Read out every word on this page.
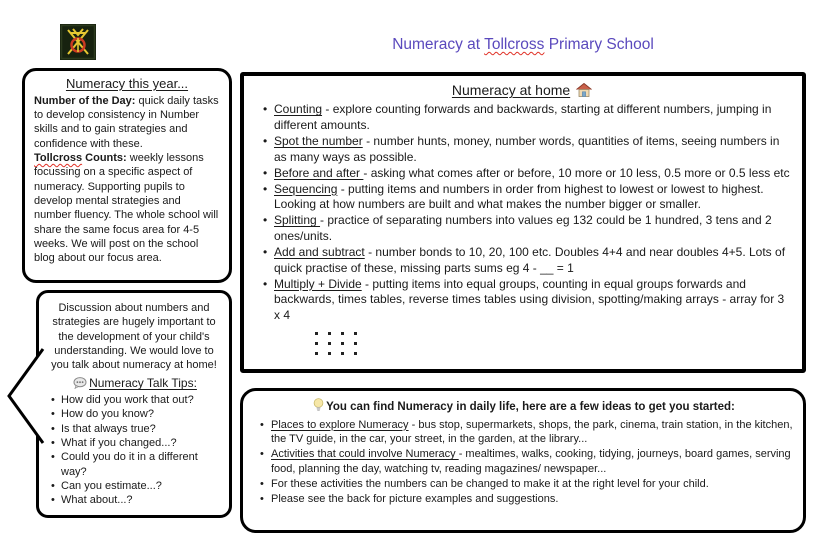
Numeracy at Tollcross Primary School
Numeracy this year...

Number of the Day: quick daily tasks to develop consistency in Number skills and to gain strategies and confidence with these.

Tollcross Counts: weekly lessons focussing on a specific aspect of numeracy. Supporting pupils to develop mental strategies and number fluency. The whole school will share the same focus area for 4-5 weeks. We will post on the school blog about our focus area.

Discussion about numbers and strategies are hugely important to the development of your child's understanding. We would love to you talk about numeracy at home!

Numeracy Talk Tips:
• How did you work that out?
• How do you know?
• Is that always true?
• What if you changed...?
• Could you do it in a different way?
• Can you estimate...?
• What about...?
Numeracy at home
• Counting - explore counting forwards and backwards, starting at different numbers, jumping in different amounts.
• Spot the number - number hunts, money, number words, quantities of items, seeing numbers in as many ways as possible.
• Before and after - asking what comes after or before, 10 more or 10 less, 0.5 more or 0.5 less etc
• Sequencing - putting items and numbers in order from highest to lowest or lowest to highest. Looking at how numbers are built and what makes the number bigger or smaller.
• Splitting - practice of separating numbers into values eg 132 could be 1 hundred, 3 tens and 2 ones/units.
• Add and subtract - number bonds to 10, 20, 100 etc. Doubles 4+4 and near doubles 4+5. Lots of quick practise of these, missing parts sums eg 4 - __ = 1
• Multiply + Divide - putting items into equal groups, counting in equal groups forwards and backwards, times tables, reverse times tables using division, spotting/making arrays - array for 3 x 4
You can find Numeracy in daily life, here are a few ideas to get you started:
• Places to explore Numeracy - bus stop, supermarkets, shops, the park, cinema, train station, in the kitchen, the TV guide, in the car, your street, in the garden, at the library...
• Activities that could involve Numeracy - mealtimes, walks, cooking, tidying, journeys, board games, serving food, planning the day, watching tv, reading magazines/ newspaper...
• For these activities the numbers can be changed to make it at the right level for your child.
• Please see the back for picture examples and suggestions.
